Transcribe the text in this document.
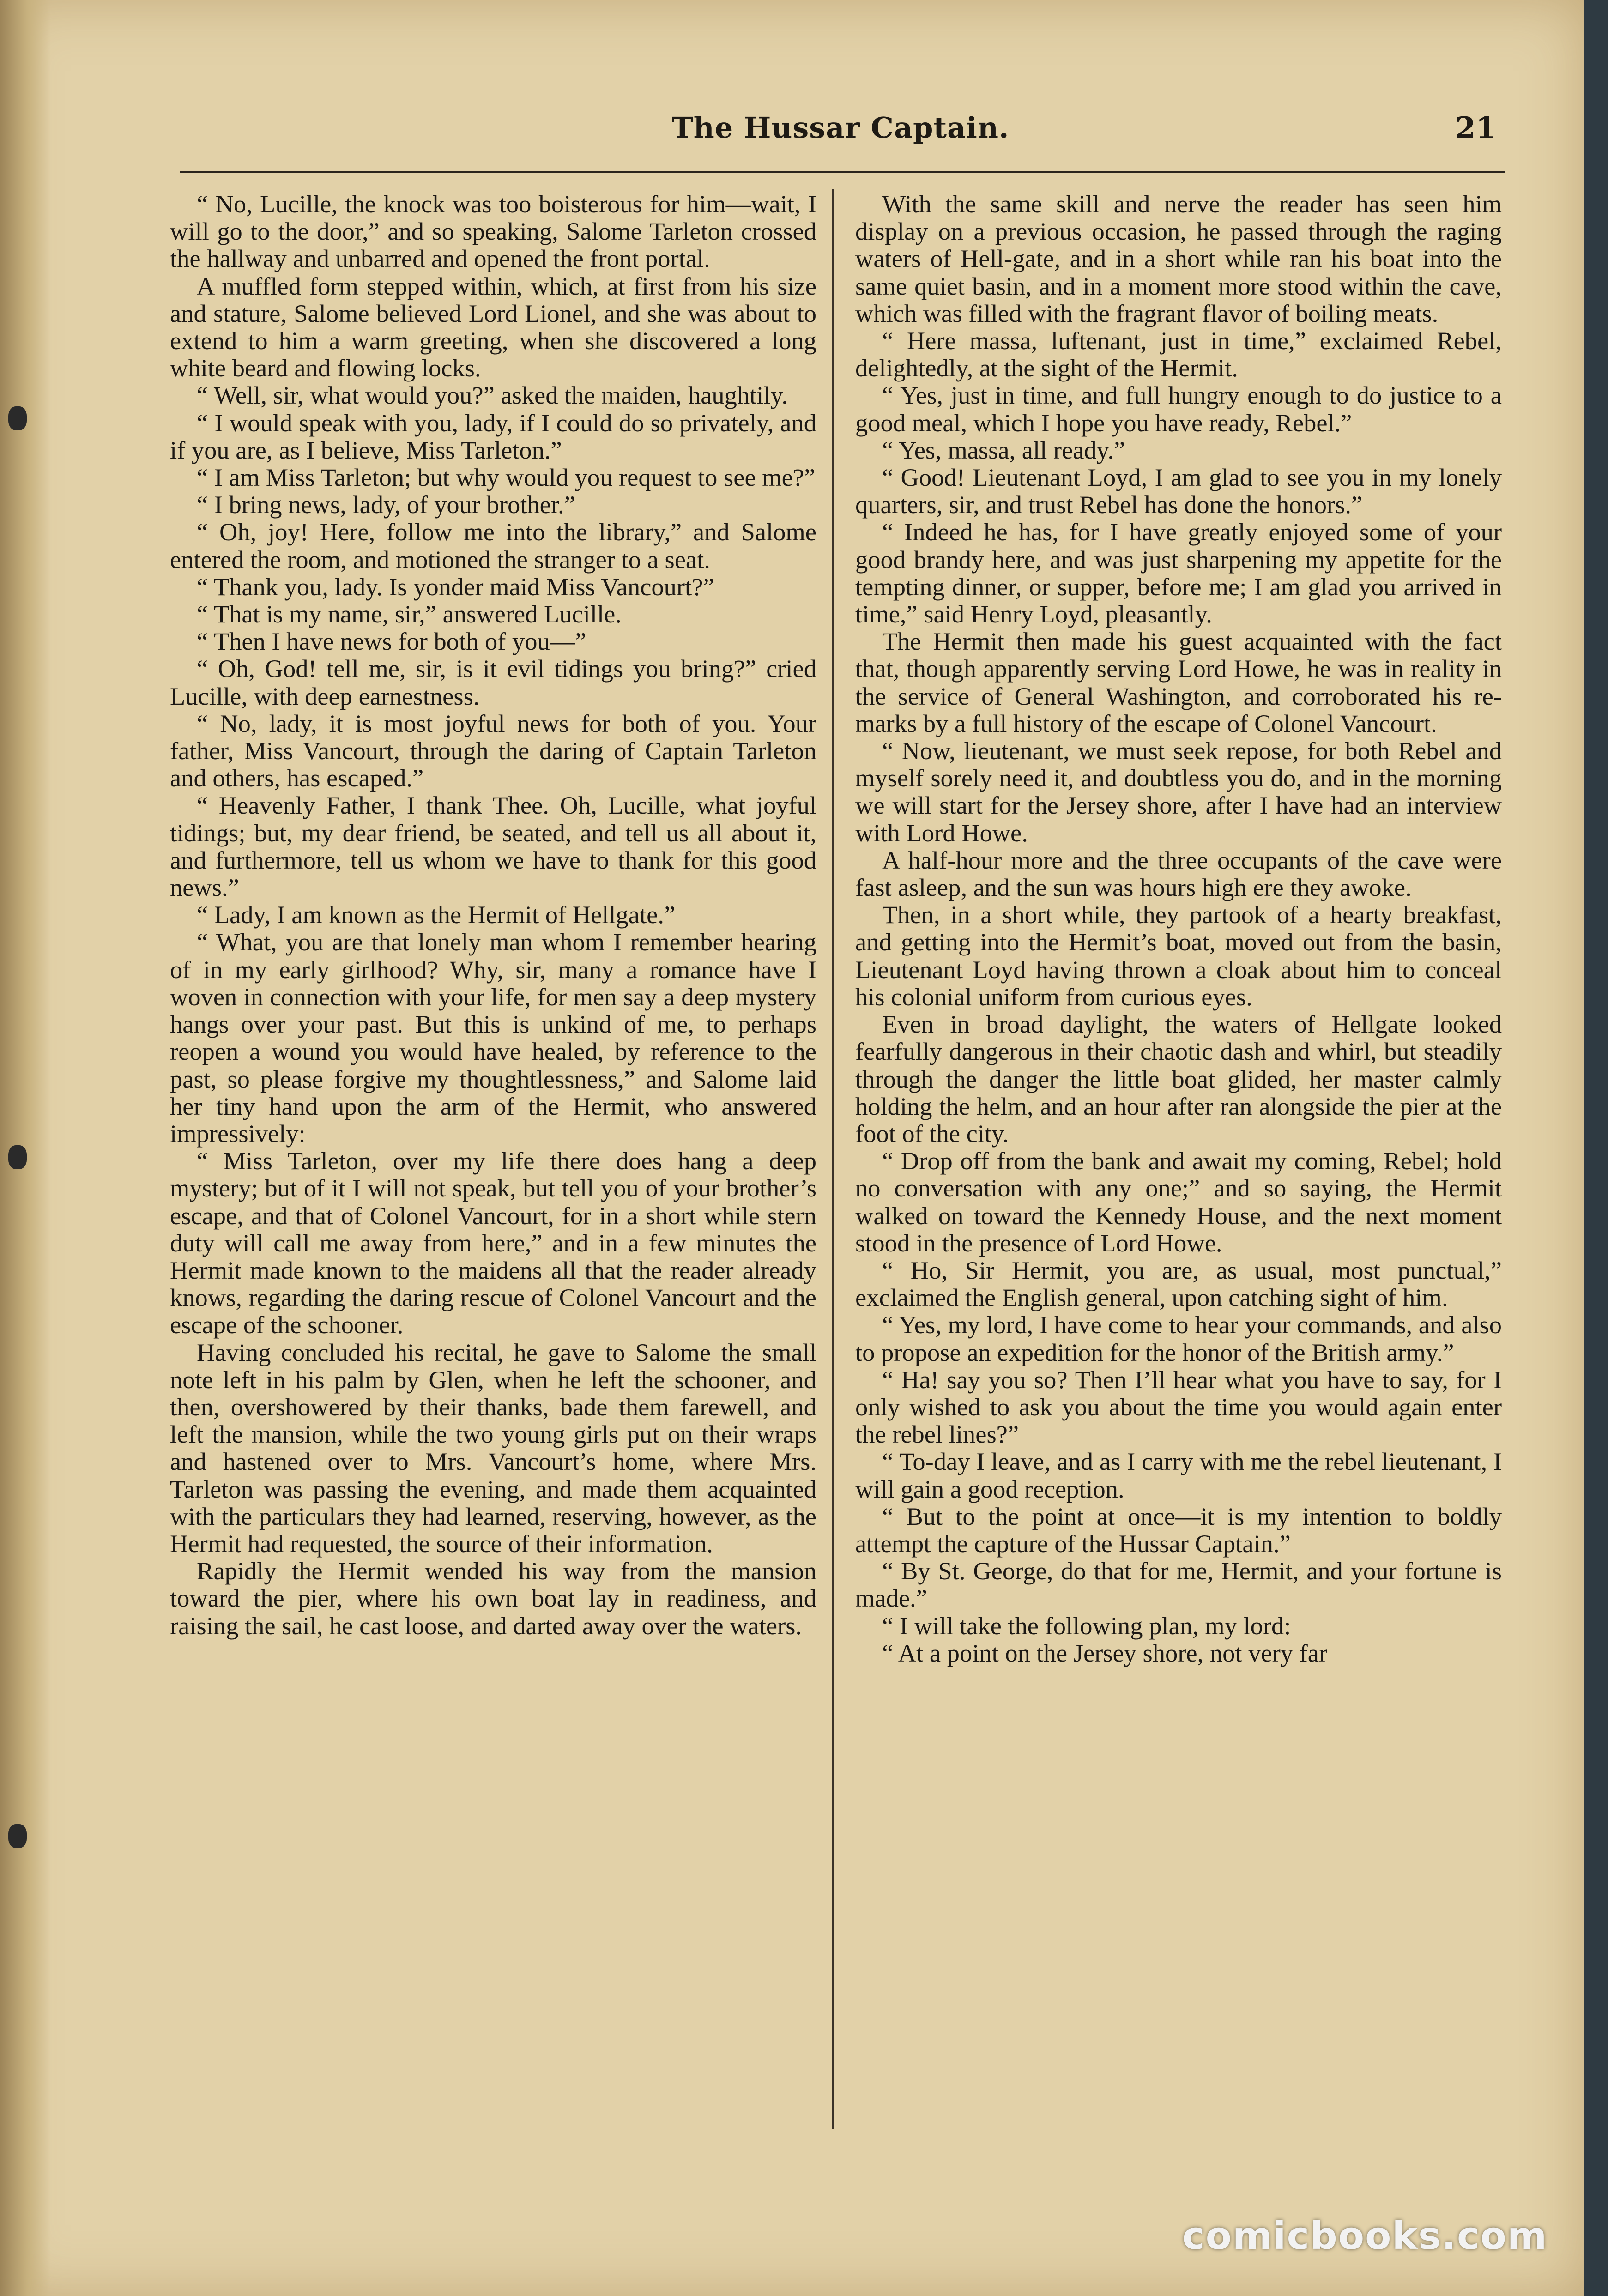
The Hussar Captain.	21

“ No, Lucille, the knock was too boisterous for him—wait, I will go to the door,” and so speaking, Salome Tarleton crossed the hallway and unbarred and opened the front portal.

A muffled form stepped within, which, at first from his size and stature, Salome believed Lord Lionel, and she was about to extend to him a warm greeting, when she discovered a long white beard and flowing locks.

“ Well, sir, what would you?” asked the maiden, haughtily.

“ I would speak with you, lady, if I could do so privately, and if you are, as I believe, Miss Tarleton.”

“ I am Miss Tarleton; but why would you request to see me?”

“ I bring news, lady, of your brother.”

“ Oh, joy! Here, follow me into the library,” and Salome entered the room, and motioned the stranger to a seat.

“ Thank you, lady. Is yonder maid Miss Vancourt?”

“ That is my name, sir,” answered Lucille.

“ Then I have news for both of you—”

“ Oh, God! tell me, sir, is it evil tidings you bring?” cried Lucille, with deep earnestness.

“ No, lady, it is most joyful news for both of you. Your father, Miss Vancourt, through the daring of Captain Tarleton and others, has escaped.”

“ Heavenly Father, I thank Thee. Oh, Lucille, what joyful tidings; but, my dear friend, be seated, and tell us all about it, and furthermore, tell us whom we have to thank for this good news.”

“ Lady, I am known as the Hermit of Hellgate.”

“ What, you are that lonely man whom I remember hearing of in my early girlhood? Why, sir, many a romance have I woven in connection with your life, for men say a deep mystery hangs over your past. But this is unkind of me, to perhaps reopen a wound you would have healed, by reference to the past, so please forgive my thoughtlessness,” and Salome laid her tiny hand upon the arm of the Hermit, who answered impressively:

“ Miss Tarleton, over my life there does hang a deep mystery; but of it I will not speak, but tell you of your brother’s escape, and that of Colonel Vancourt, for in a short while stern duty will call me away from here,” and in a few minutes the Hermit made known to the maidens all that the reader already knows, regarding the daring rescue of Colonel Vancourt and the escape of the schooner.

Having concluded his recital, he gave to Salome the small note left in his palm by Glen, when he left the schooner, and then, overshowered by their thanks, bade them farewell, and left the mansion, while the two young girls put on their wraps and hastened over to Mrs. Vancourt’s home, where Mrs. Tarleton was passing the evening, and made them acquainted with the particulars they had learned, reserving, however, as the Hermit had requested, the source of their information.

Rapidly the Hermit wended his way from the mansion toward the pier, where his own boat lay in readiness, and raising the sail, he cast loose, and darted away over the waters.

With the same skill and nerve the reader has seen him display on a previous occasion, he passed through the raging waters of Hell-gate, and in a short while ran his boat into the same quiet basin, and in a moment more stood within the cave, which was filled with the fragrant flavor of boiling meats.

“ Here massa, luftenant, just in time,” exclaimed Rebel, delightedly, at the sight of the Hermit.

“ Yes, just in time, and full hungry enough to do justice to a good meal, which I hope you have ready, Rebel.”

“ Yes, massa, all ready.”

“ Good! Lieutenant Loyd, I am glad to see you in my lonely quarters, sir, and trust Rebel has done the honors.”

“ Indeed he has, for I have greatly enjoyed some of your good brandy here, and was just sharpening my appetite for the tempting dinner, or supper, before me; I am glad you arrived in time,” said Henry Loyd, pleasantly.

The Hermit then made his guest acquainted with the fact that, though apparently serving Lord Howe, he was in reality in the service of General Washington, and corroborated his remarks by a full history of the escape of Colonel Vancourt.

“ Now, lieutenant, we must seek repose, for both Rebel and myself sorely need it, and doubtless you do, and in the morning we will start for the Jersey shore, after I have had an interview with Lord Howe.

A half-hour more and the three occupants of the cave were fast asleep, and the sun was hours high ere they awoke.

Then, in a short while, they partook of a hearty breakfast, and getting into the Hermit’s boat, moved out from the basin, Lieutenant Loyd having thrown a cloak about him to conceal his colonial uniform from curious eyes.

Even in broad daylight, the waters of Hellgate looked fearfully dangerous in their chaotic dash and whirl, but steadily through the danger the little boat glided, her master calmly holding the helm, and an hour after ran alongside the pier at the foot of the city.

“ Drop off from the bank and await my coming, Rebel; hold no conversation with any one;” and so saying, the Hermit walked on toward the Kennedy House, and the next moment stood in the presence of Lord Howe.

“ Ho, Sir Hermit, you are, as usual, most punctual,” exclaimed the English general, upon catching sight of him.

“ Yes, my lord, I have come to hear your commands, and also to propose an expedition for the honor of the British army.”

“ Ha! say you so? Then I’ll hear what you have to say, for I only wished to ask you about the time you would again enter the rebel lines?”

“ To-day I leave, and as I carry with me the rebel lieutenant, I will gain a good reception.

“ But to the point at once—it is my intention to boldly attempt the capture of the Hussar Captain.”

“ By St. George, do that for me, Hermit, and your fortune is made.”

“ I will take the following plan, my lord:

“ At a point on the Jersey shore, not very far

comicbooks.com
